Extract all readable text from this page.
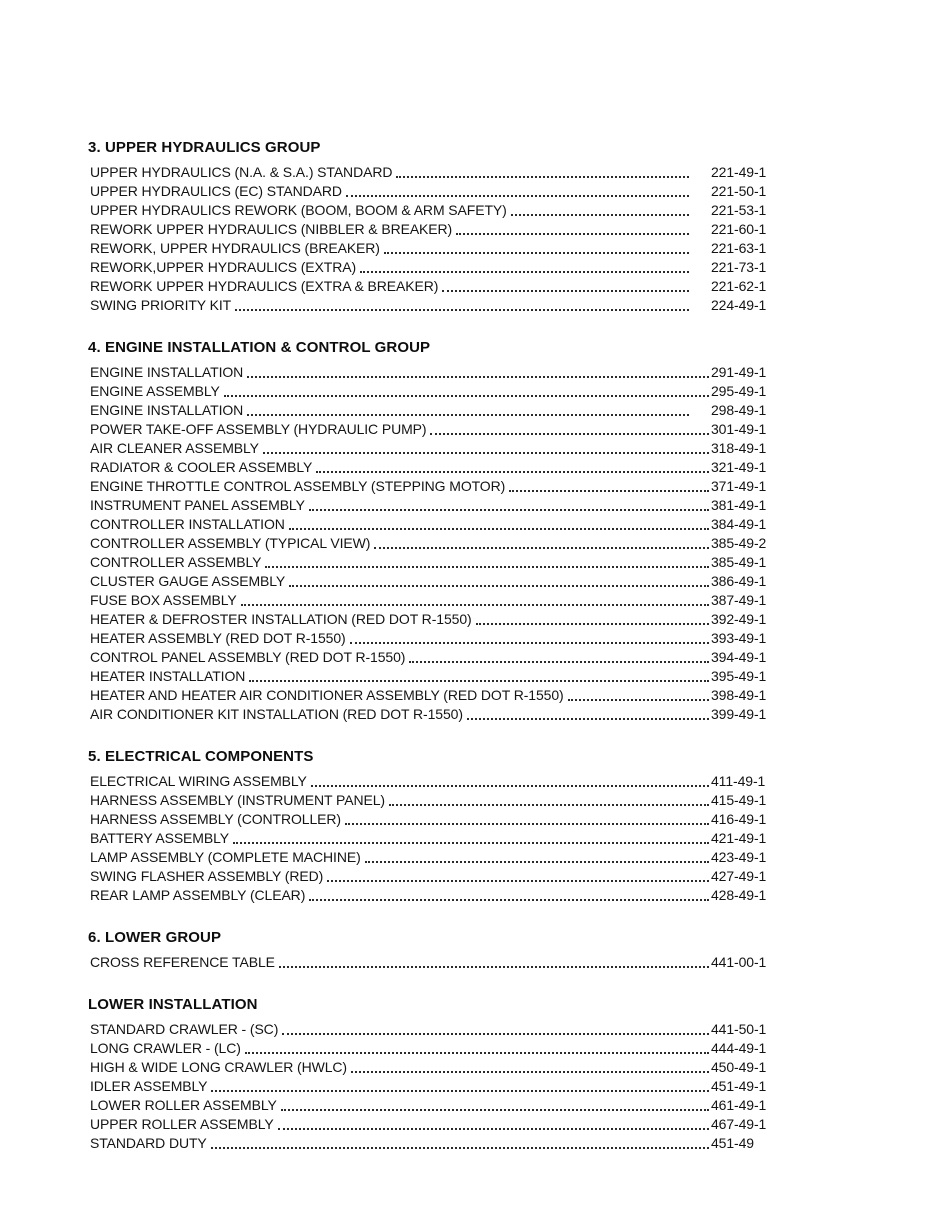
3. UPPER HYDRAULICS GROUP
UPPER HYDRAULICS (N.A. & S.A.) STANDARD	221-49-1
UPPER HYDRAULICS (EC) STANDARD	221-50-1
UPPER HYDRAULICS REWORK (BOOM, BOOM & ARM SAFETY)	221-53-1
REWORK UPPER HYDRAULICS (NIBBLER & BREAKER)	221-60-1
REWORK, UPPER HYDRAULICS (BREAKER)	221-63-1
REWORK,UPPER HYDRAULICS (EXTRA)	221-73-1
REWORK UPPER HYDRAULICS (EXTRA & BREAKER)	221-62-1
SWING PRIORITY KIT	224-49-1
4. ENGINE INSTALLATION & CONTROL GROUP
ENGINE INSTALLATION	291-49-1
ENGINE ASSEMBLY	295-49-1
ENGINE INSTALLATION	298-49-1
POWER TAKE-OFF ASSEMBLY (HYDRAULIC PUMP)	301-49-1
AIR CLEANER ASSEMBLY	318-49-1
RADIATOR & COOLER ASSEMBLY	321-49-1
ENGINE THROTTLE CONTROL ASSEMBLY (STEPPING MOTOR)	371-49-1
INSTRUMENT PANEL ASSEMBLY	381-49-1
CONTROLLER INSTALLATION	384-49-1
CONTROLLER ASSEMBLY (TYPICAL VIEW)	385-49-2
CONTROLLER ASSEMBLY	385-49-1
CLUSTER GAUGE ASSEMBLY	386-49-1
FUSE BOX ASSEMBLY	387-49-1
HEATER & DEFROSTER INSTALLATION (RED DOT R-1550)	392-49-1
HEATER ASSEMBLY (RED DOT R-1550)	393-49-1
CONTROL PANEL ASSEMBLY (RED DOT R-1550)	394-49-1
HEATER INSTALLATION	395-49-1
HEATER AND HEATER AIR CONDITIONER ASSEMBLY (RED DOT R-1550)	398-49-1
AIR CONDITIONER KIT INSTALLATION (RED DOT R-1550)	399-49-1
5. ELECTRICAL COMPONENTS
ELECTRICAL WIRING ASSEMBLY	411-49-1
HARNESS ASSEMBLY (INSTRUMENT PANEL)	415-49-1
HARNESS ASSEMBLY (CONTROLLER)	416-49-1
BATTERY ASSEMBLY	421-49-1
LAMP ASSEMBLY (COMPLETE MACHINE)	423-49-1
SWING FLASHER ASSEMBLY (RED)	427-49-1
REAR LAMP ASSEMBLY (CLEAR)	428-49-1
6. LOWER GROUP
CROSS REFERENCE TABLE	441-00-1
LOWER INSTALLATION
STANDARD CRAWLER - (SC)	441-50-1
LONG CRAWLER - (LC)	444-49-1
HIGH & WIDE LONG CRAWLER (HWLC)	450-49-1
IDLER ASSEMBLY	451-49-1
LOWER ROLLER ASSEMBLY	461-49-1
UPPER ROLLER ASSEMBLY	467-49-1
STANDARD DUTY	451-49
